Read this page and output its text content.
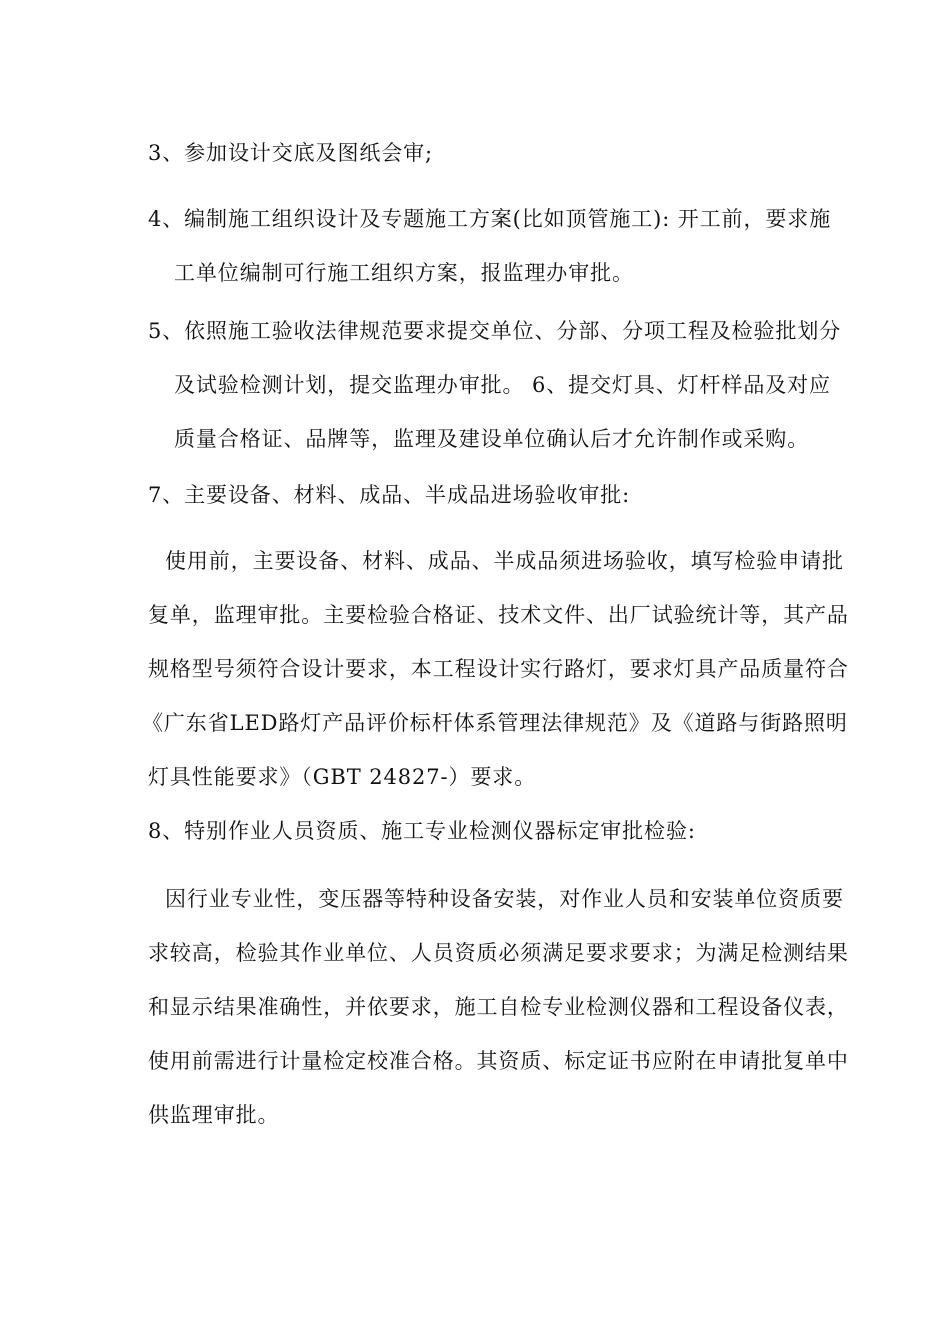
3、参加设计交底及图纸会审;
4、编制施工组织设计及专题施工方案(比如顶管施工): 开工前，要求施
工单位编制可行施工组织方案，报监理办审批。
5、依照施工验收法律规范要求提交单位、分部、分项工程及检验批划分
及试验检测计划，提交监理办审批。 6、提交灯具、灯杆样品及对应
质量合格证、品牌等，监理及建设单位确认后才允许制作或采购。
7、主要设备、材料、成品、半成品进场验收审批:
使用前，主要设备、材料、成品、半成品须进场验收，填写检验申请批
复单，监理审批。主要检验合格证、技术文件、出厂试验统计等，其产品
规格型号须符合设计要求，本工程设计实行路灯，要求灯具产品质量符合
《广东省LED路灯产品评价标杆体系管理法律规范》及《道路与街路照明
灯具性能要求》（GBT 24827-）要求。
8、特别作业人员资质、施工专业检测仪器标定审批检验:
因行业专业性，变压器等特种设备安装，对作业人员和安装单位资质要
求较高，检验其作业单位、人员资质必须满足要求要求；为满足检测结果
和显示结果准确性，并依要求，施工自检专业检测仪器和工程设备仪表，
使用前需进行计量检定校准合格。其资质、标定证书应附在申请批复单中
供监理审批。
